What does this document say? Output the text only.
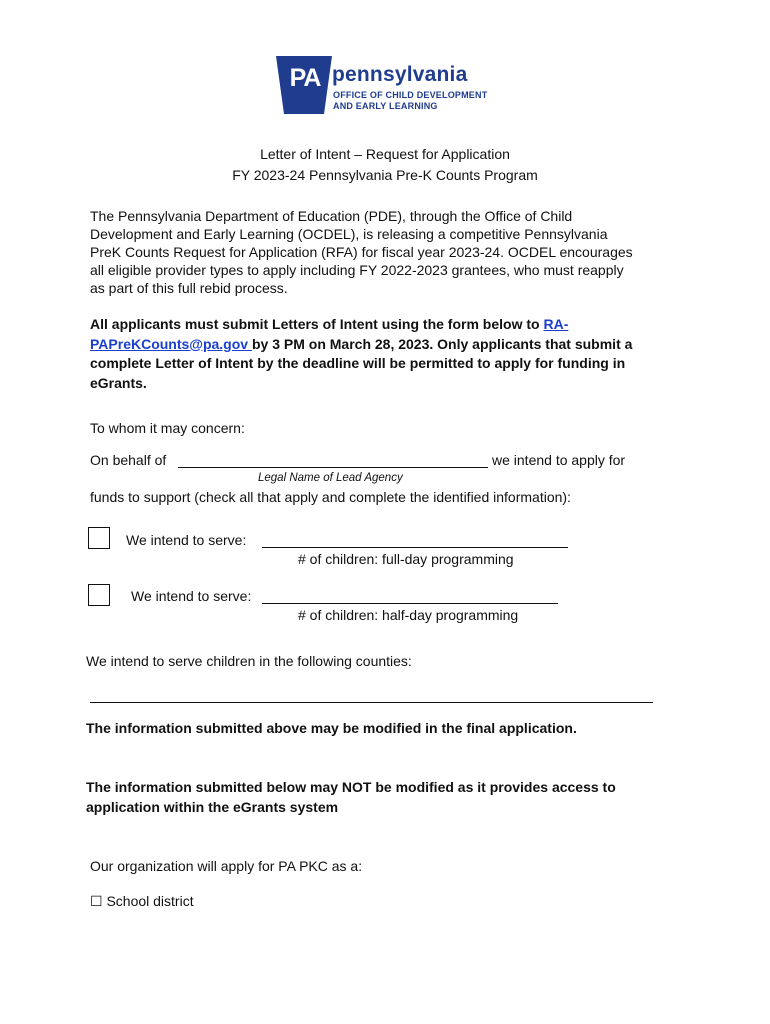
PA pennsylvania
OFFICE OF CHILD DEVELOPMENT
AND EARLY LEARNING
Letter of Intent – Request for Application
FY 2023-24 Pennsylvania Pre-K Counts Program
The Pennsylvania Department of Education (PDE), through the Office of Child
Development and Early Learning (OCDEL), is releasing a competitive Pennsylvania
PreK Counts Request for Application (RFA) for fiscal year 2023-24. OCDEL encourages
all eligible provider types to apply including FY 2022-2023 grantees, who must reapply
as part of this full rebid process.
All applicants must submit Letters of Intent using the form below to RA-
PAPreKCounts@pa.gov by 3 PM on March 28, 2023. Only applicants that submit a
complete Letter of Intent by the deadline will be permitted to apply for funding in
eGrants.
To whom it may concern:
On behalf of	we intend to apply for
Legal Name of Lead Agency
funds to support (check all that apply and complete the identified information):
We intend to serve:
# of children: full-day programming
We intend to serve:
# of children: half-day programming
We intend to serve children in the following counties:
The information submitted above may be modified in the final application.
The information submitted below may NOT be modified as it provides access to
application within the eGrants system
Our organization will apply for PA PKC as a:
☐ School district
